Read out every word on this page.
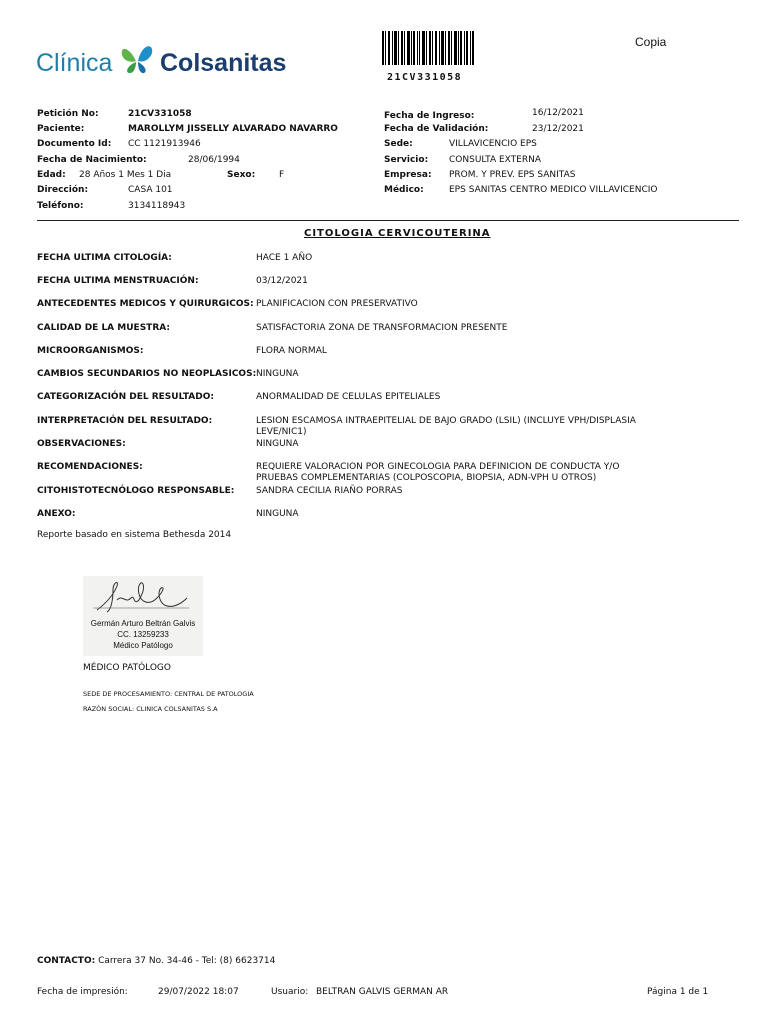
Clínica Colsanitas
21CV331058
Copia
Petición No:	21CV331058
Paciente:	MAROLLYM JISSELLY ALVARADO NAVARRO
Documento Id: CC 1121913946
Fecha de Nacimiento:	28/06/1994
Edad: 28 Años 1 Mes 1 Dia	Sexo:	F
Dirección:	CASA 101
Teléfono:	3134118943
Fecha de Ingreso:	16/12/2021
Fecha de Validación:	23/12/2021
Sede:	VILLAVICENCIO EPS
Servicio: CONSULTA EXTERNA
Empresa: PROM. Y PREV. EPS SANITAS
Médico:	EPS SANITAS CENTRO MEDICO VILLAVICENCIO
CITOLOGIA CERVICOUTERINA
FECHA ULTIMA CITOLOGÍA:	HACE 1 AÑO
FECHA ULTIMA MENSTRUACIÓN:	03/12/2021
ANTECEDENTES MEDICOS Y QUIRURGICOS: PLANIFICACION CON PRESERVATIVO
CALIDAD DE LA MUESTRA:	SATISFACTORIA ZONA DE TRANSFORMACION PRESENTE
MICROORGANISMOS:	FLORA NORMAL
CAMBIOS SECUNDARIOS NO NEOPLASICOS: NINGUNA
CATEGORIZACIÓN DEL RESULTADO:	ANORMALIDAD DE CELULAS EPITELIALES
INTERPRETACIÓN DEL RESULTADO:	LESION ESCAMOSA INTRAEPITELIAL DE BAJO GRADO (LSIL) (INCLUYE VPH/DISPLASIA LEVE/NIC1)
OBSERVACIONES:	NINGUNA
RECOMENDACIONES:	REQUIERE VALORACION POR GINECOLOGIA PARA DEFINICION DE CONDUCTA Y/O PRUEBAS COMPLEMENTARIAS (COLPOSCOPIA, BIOPSIA, ADN-VPH U OTROS)
CITOHISTOTECNÓLOGO RESPONSABLE: SANDRA CECILIA RIAÑO PORRAS
ANEXO:	NINGUNA
Reporte basado en sistema Bethesda 2014
Germán Arturo Beltrán Galvis
CC. 13259233
Médico Patólogo
MÉDICO PATÓLOGO
SEDE DE PROCESAMIENTO: CENTRAL DE PATOLOGIA
RAZÓN SOCIAL: CLINICA COLSANITAS S.A
CONTACTO: Carrera 37 No. 34-46 - Tel: (8) 6623714
Fecha de impresión:	29/07/2022 18:07	Usuario: BELTRAN GALVIS GERMAN AR	Página 1 de 1
